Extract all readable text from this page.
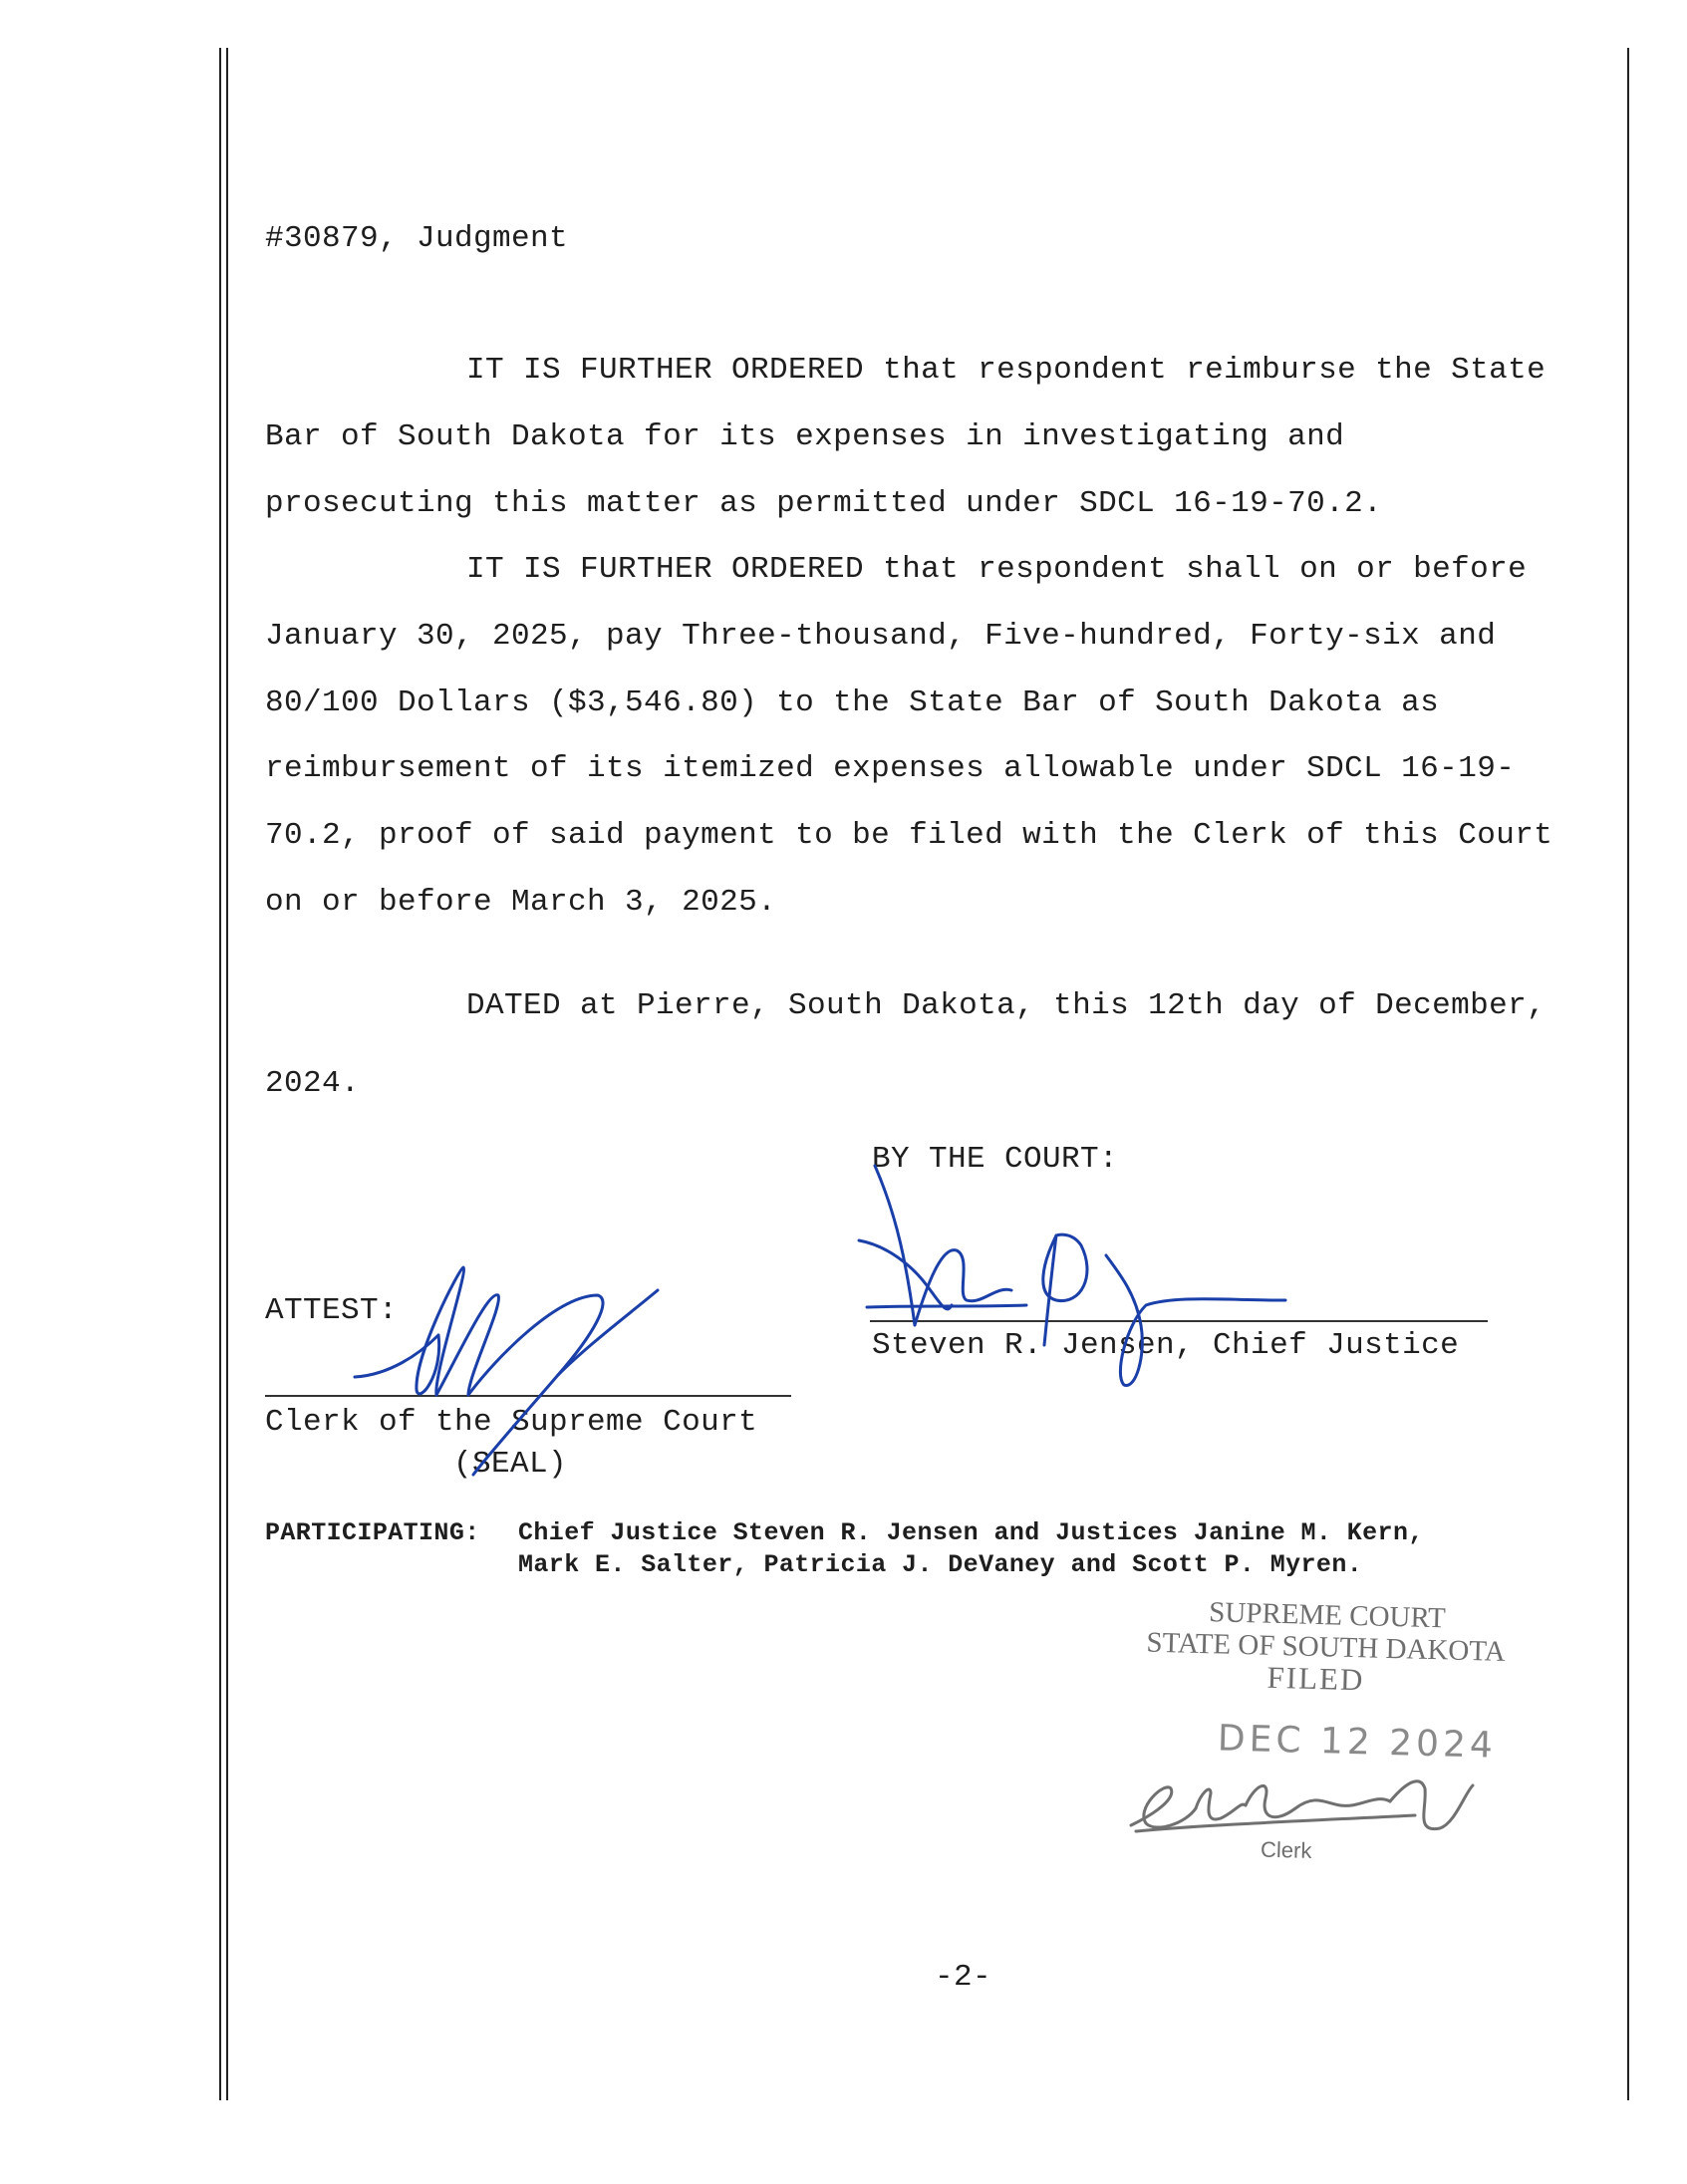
#30879, Judgment
IT IS FURTHER ORDERED that respondent reimburse the State
Bar of South Dakota for its expenses in investigating and
prosecuting this matter as permitted under SDCL 16-19-70.2.
IT IS FURTHER ORDERED that respondent shall on or before
January 30, 2025, pay Three-thousand, Five-hundred, Forty-six and
80/100 Dollars ($3,546.80) to the State Bar of South Dakota as
reimbursement of its itemized expenses allowable under SDCL 16-19-
70.2, proof of said payment to be filed with the Clerk of this Court
on or before March 3, 2025.
DATED at Pierre, South Dakota, this 12th day of December,
2024.
BY THE COURT:
Steven R. Jensen, Chief Justice
ATTEST:
Clerk of the Supreme Court
(SEAL)
PARTICIPATING: Chief Justice Steven R. Jensen and Justices Janine M. Kern,
Mark E. Salter, Patricia J. DeVaney and Scott P. Myren.
SUPREME COURT
STATE OF SOUTH DAKOTA
FILED
DEC 12 2024
Clerk
-2-
